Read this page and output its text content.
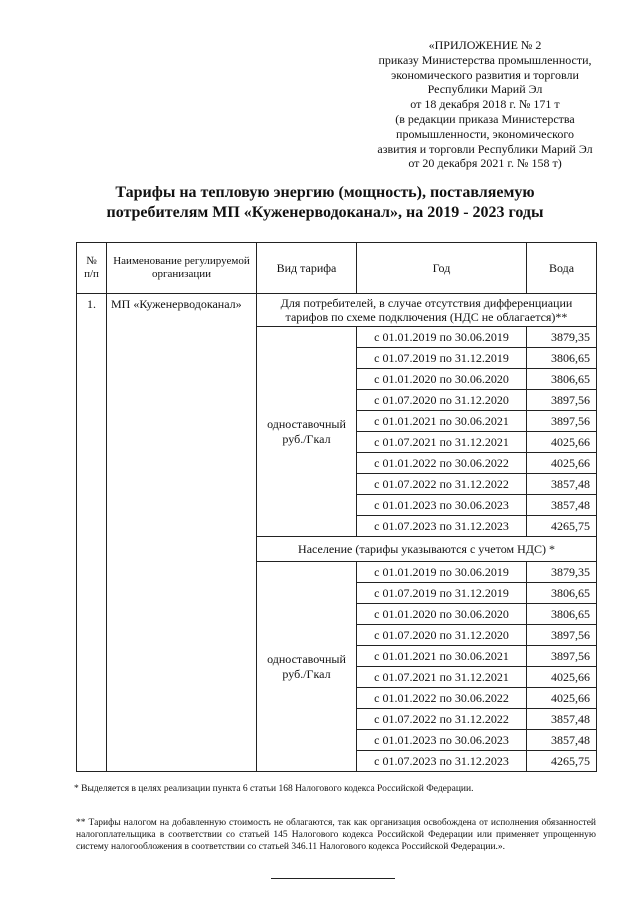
«ПРИЛОЖЕНИЕ № 2
приказу Министерства промышленности,
экономического развития и торговли
Республики Марий Эл
от 18 декабря 2018 г. № 171 т
(в редакции приказа Министерства
промышленности, экономического
азвития и торговли Республики Марий Эл
от 20 декабря 2021 г. № 158 т)
Тарифы на тепловую энергию (мощность), поставляемую
потребителям МП «Куженерводоканал», на 2019 - 2023 годы
№ п/п	Наименование регулируемой организации	Вид тарифа	Год	Вода
1.	МП «Куженерводоканал»	Для потребителей, в случае отсутствия дифференциации тарифов по схеме подключения (НДС не облагается)**		
		одноставочный руб./Гкал	с 01.01.2019 по 30.06.2019	3879,35
			с 01.07.2019 по 31.12.2019	3806,65
			с 01.01.2020 по 30.06.2020	3806,65
			с 01.07.2020 по 31.12.2020	3897,56
			с 01.01.2021 по 30.06.2021	3897,56
			с 01.07.2021 по 31.12.2021	4025,66
			с 01.01.2022 по 30.06.2022	4025,66
			с 01.07.2022 по 31.12.2022	3857,48
			с 01.01.2023 по 30.06.2023	3857,48
			с 01.07.2023 по 31.12.2023	4265,75
		Население (тарифы указываются с учетом НДС) *		
		одноставочный руб./Гкал	с 01.01.2019 по 30.06.2019	3879,35
			с 01.07.2019 по 31.12.2019	3806,65
			с 01.01.2020 по 30.06.2020	3806,65
			с 01.07.2020 по 31.12.2020	3897,56
			с 01.01.2021 по 30.06.2021	3897,56
			с 01.07.2021 по 31.12.2021	4025,66
			с 01.01.2022 по 30.06.2022	4025,66
			с 01.07.2022 по 31.12.2022	3857,48
			с 01.01.2023 по 30.06.2023	3857,48
			с 01.07.2023 по 31.12.2023	4265,75
* Выделяется в целях реализации пункта 6 статьи 168 Налогового кодекса Российской Федерации.
** Тарифы налогом на добавленную стоимость не облагаются, так как организация освобождена от исполнения обязанностей налогоплательщика в соответствии со статьей 145 Налогового кодекса Российской Федерации или применяет упрощенную систему налогообложения в соответствии со статьей 346.11 Налогового кодекса Российской Федерации.».
